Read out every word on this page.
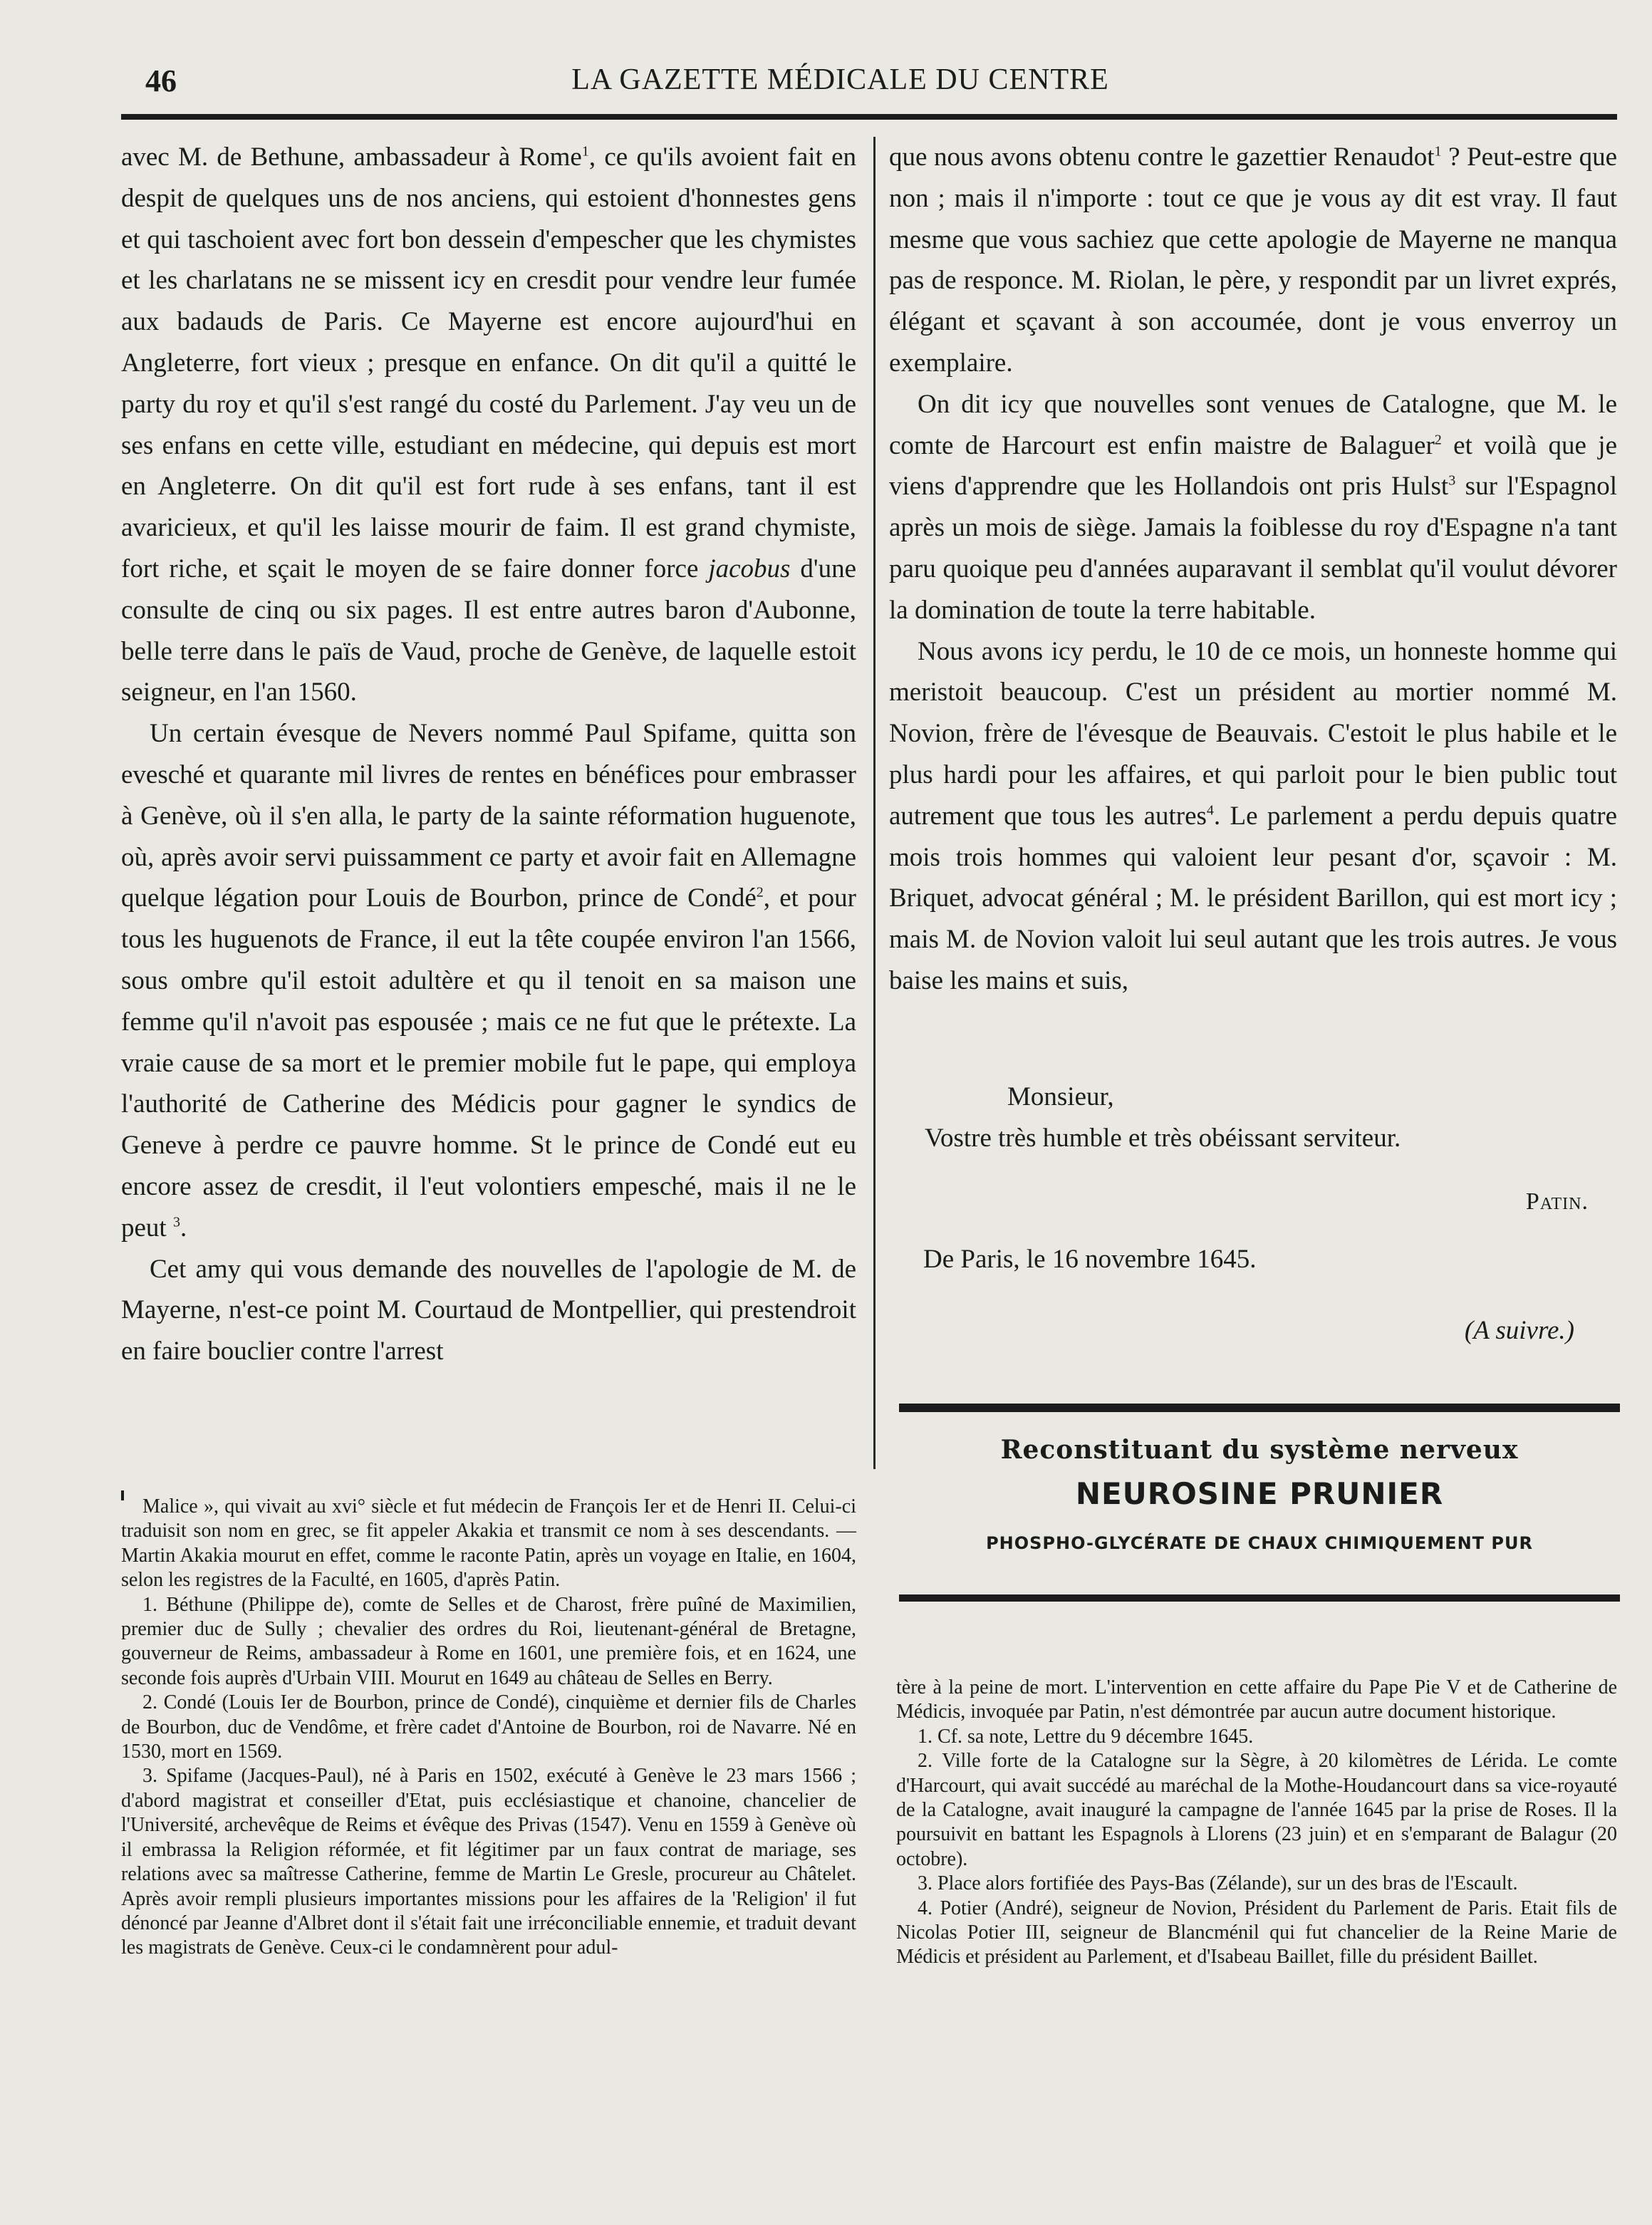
46	LA GAZETTE MÉDICALE DU CENTRE

avec M. de Bethune, ambassadeur à Rome$^1$, ce qu'ils avoient fait en despit de quelques uns de nos anciens, qui estoient d'honnestes gens et qui taschoient avec fort bon dessein d'empescher que les chymistes et les charlatans ne se missent icy en cresdit pour vendre leur fumée aux badauds de Paris. Ce Mayerne est encore aujourd'hui en Angleterre, fort vieux ; presque en enfance. On dit qu'il a quitté le party du roy et qu'il s'est rangé du costé du Parlement. J'ay veu un de ses enfans en cette ville, estudiant en médecine, qui depuis est mort en Angleterre. On dit qu'il est fort rude à ses enfans, tant il est avaricieux, et qu'il les laisse mourir de faim. Il est grand chymiste, fort riche, et sçait le moyen de se faire donner force jacobus d'une consulte de cinq ou six pages. Il est entre autres baron d'Aubonne, belle terre dans le païs de Vaud, proche de Genève, de laquelle estoit seigneur, en l'an 1560.

Un certain évesque de Nevers nommé Paul Spifame, quitta son evesché et quarante mil livres de rentes en bénéfices pour embrasser à Genève, où il s'en alla, le party de la sainte réformation huguenote, où, après avoir servi puissamment ce party et avoir fait en Allemagne quelque légation pour Louis de Bourbon, prince de Condé$^2$, et pour tous les huguenots de France, il eut la tête coupée environ l'an 1566, sous ombre qu'il estoit adultère et qu il tenoit en sa maison une femme qu'il n'avoit pas espousée ; mais ce ne fut que le prétexte. La vraie cause de sa mort et le premier mobile fut le pape, qui employa l'authorité de Catherine des Médicis pour gagner le syndics de Geneve à perdre ce pauvre homme. St le prince de Condé eut eu encore assez de cresdit, il l'eut volontiers empesché, mais il ne le peut $^3$.

Cet amy qui vous demande des nouvelles de l'apologie de M. de Mayerne, n'est-ce point M. Courtaud de Montpellier, qui prestendroit en faire bouclier contre l'arrest

que nous avons obtenu contre le gazettier Renaudot$^1$ ? Peut-estre que non ; mais il n'importe : tout ce que je vous ay dit est vray. Il faut mesme que vous sachiez que cette apologie de Mayerne ne manqua pas de responce. M. Riolan, le père, y respondit par un livret exprés, élégant et sçavant à son accoumée, dont je vous enverroy un exemplaire.

On dit icy que nouvelles sont venues de Catalogne, que M. le comte de Harcourt est enfin maistre de Balaguer$^2$ et voilà que je viens d'apprendre que les Hollandois ont pris Hulst$^3$ sur l'Espagnol après un mois de siège. Jamais la foiblesse du roy d'Espagne n'a tant paru quoique peu d'années auparavant il semblat qu'il voulut dévorer la domination de toute la terre habitable.

Nous avons icy perdu, le 10 de ce mois, un honneste homme qui meristoit beaucoup. C'est un président au mortier nommé M. Novion, frère de l'évesque de Beauvais. C'estoit le plus habile et le plus hardi pour les affaires, et qui parloit pour le bien public tout autrement que tous les autres$^4$. Le parlement a perdu depuis quatre mois trois hommes qui valoient leur pesant d'or, sçavoir : M. Briquet, advocat général ; M. le président Barillon, qui est mort icy ; mais M. de Novion valoit lui seul autant que les trois autres. Je vous baise les mains et suis,

Monsieur,
Vostre très humble et très obéissant serviteur.
Patin.
De Paris, le 16 novembre 1645.
(A suivre.)
Reconstituant du système nerveux
NEUROSINE PRUNIER
PHOSPHO-GLYCÉRATE DE CHAUX CHIMIQUEMENT PUR

Malice », qui vivait au xvi° siècle et fut médecin de François Ier et de Henri II. Celui-ci traduisit son nom en grec, se fit appeler Akakia et transmit ce nom à ses descendants. — Martin Akakia mourut en effet, comme le raconte Patin, après un voyage en Italie, en 1604, selon les registres de la Faculté, en 1605, d'après Patin.

1. Béthune (Philippe de), comte de Selles et de Charost, frère puîné de Maximilien, premier duc de Sully ; chevalier des ordres du Roi, lieutenant-général de Bretagne, gouverneur de Reims, ambassadeur à Rome en 1601, une première fois, et en 1624, une seconde fois auprès d'Urbain VIII. Mourut en 1649 au château de Selles en Berry.

2. Condé (Louis Ier de Bourbon, prince de Condé), cinquième et dernier fils de Charles de Bourbon, duc de Vendôme, et frère cadet d'Antoine de Bourbon, roi de Navarre. Né en 1530, mort en 1569.

3. Spifame (Jacques-Paul), né à Paris en 1502, exécuté à Genève le 23 mars 1566 ; d'abord magistrat et conseiller d'Etat, puis ecclésiastique et chanoine, chancelier de l'Université, archevêque de Reims et évêque des Privas (1547). Venu en 1559 à Genève où il embrassa la Religion réformée, et fit légitimer par un faux contrat de mariage, ses relations avec sa maîtresse Catherine, femme de Martin Le Gresle, procureur au Châtelet. Après avoir rempli plusieurs importantes missions pour les affaires de la 'Religion' il fut dénoncé par Jeanne d'Albret dont il s'était fait une irréconciliable ennemie, et traduit devant les magistrats de Genève. Ceux-ci le condamnèrent pour adul-

tère à la peine de mort. L'intervention en cette affaire du Pape Pie V et de Catherine de Médicis, invoquée par Patin, n'est démontrée par aucun autre document historique.

1. Cf. sa note, Lettre du 9 décembre 1645.

2. Ville forte de la Catalogne sur la Sègre, à 20 kilomètres de Lérida. Le comte d'Harcourt, qui avait succédé au maréchal de la Mothe-Houdancourt dans sa vice-royauté de la Catalogne, avait inauguré la campagne de l'année 1645 par la prise de Roses. Il la poursuivit en battant les Espagnols à Llorens (23 juin) et en s'emparant de Balagur (20 octobre).

3. Place alors fortifiée des Pays-Bas (Zélande), sur un des bras de l'Escault.

4. Potier (André), seigneur de Novion, Président du Parlement de Paris. Etait fils de Nicolas Potier III, seigneur de Blancménil qui fut chancelier de la Reine Marie de Médicis et président au Parlement, et d'Isabeau Baillet, fille du président Baillet.
